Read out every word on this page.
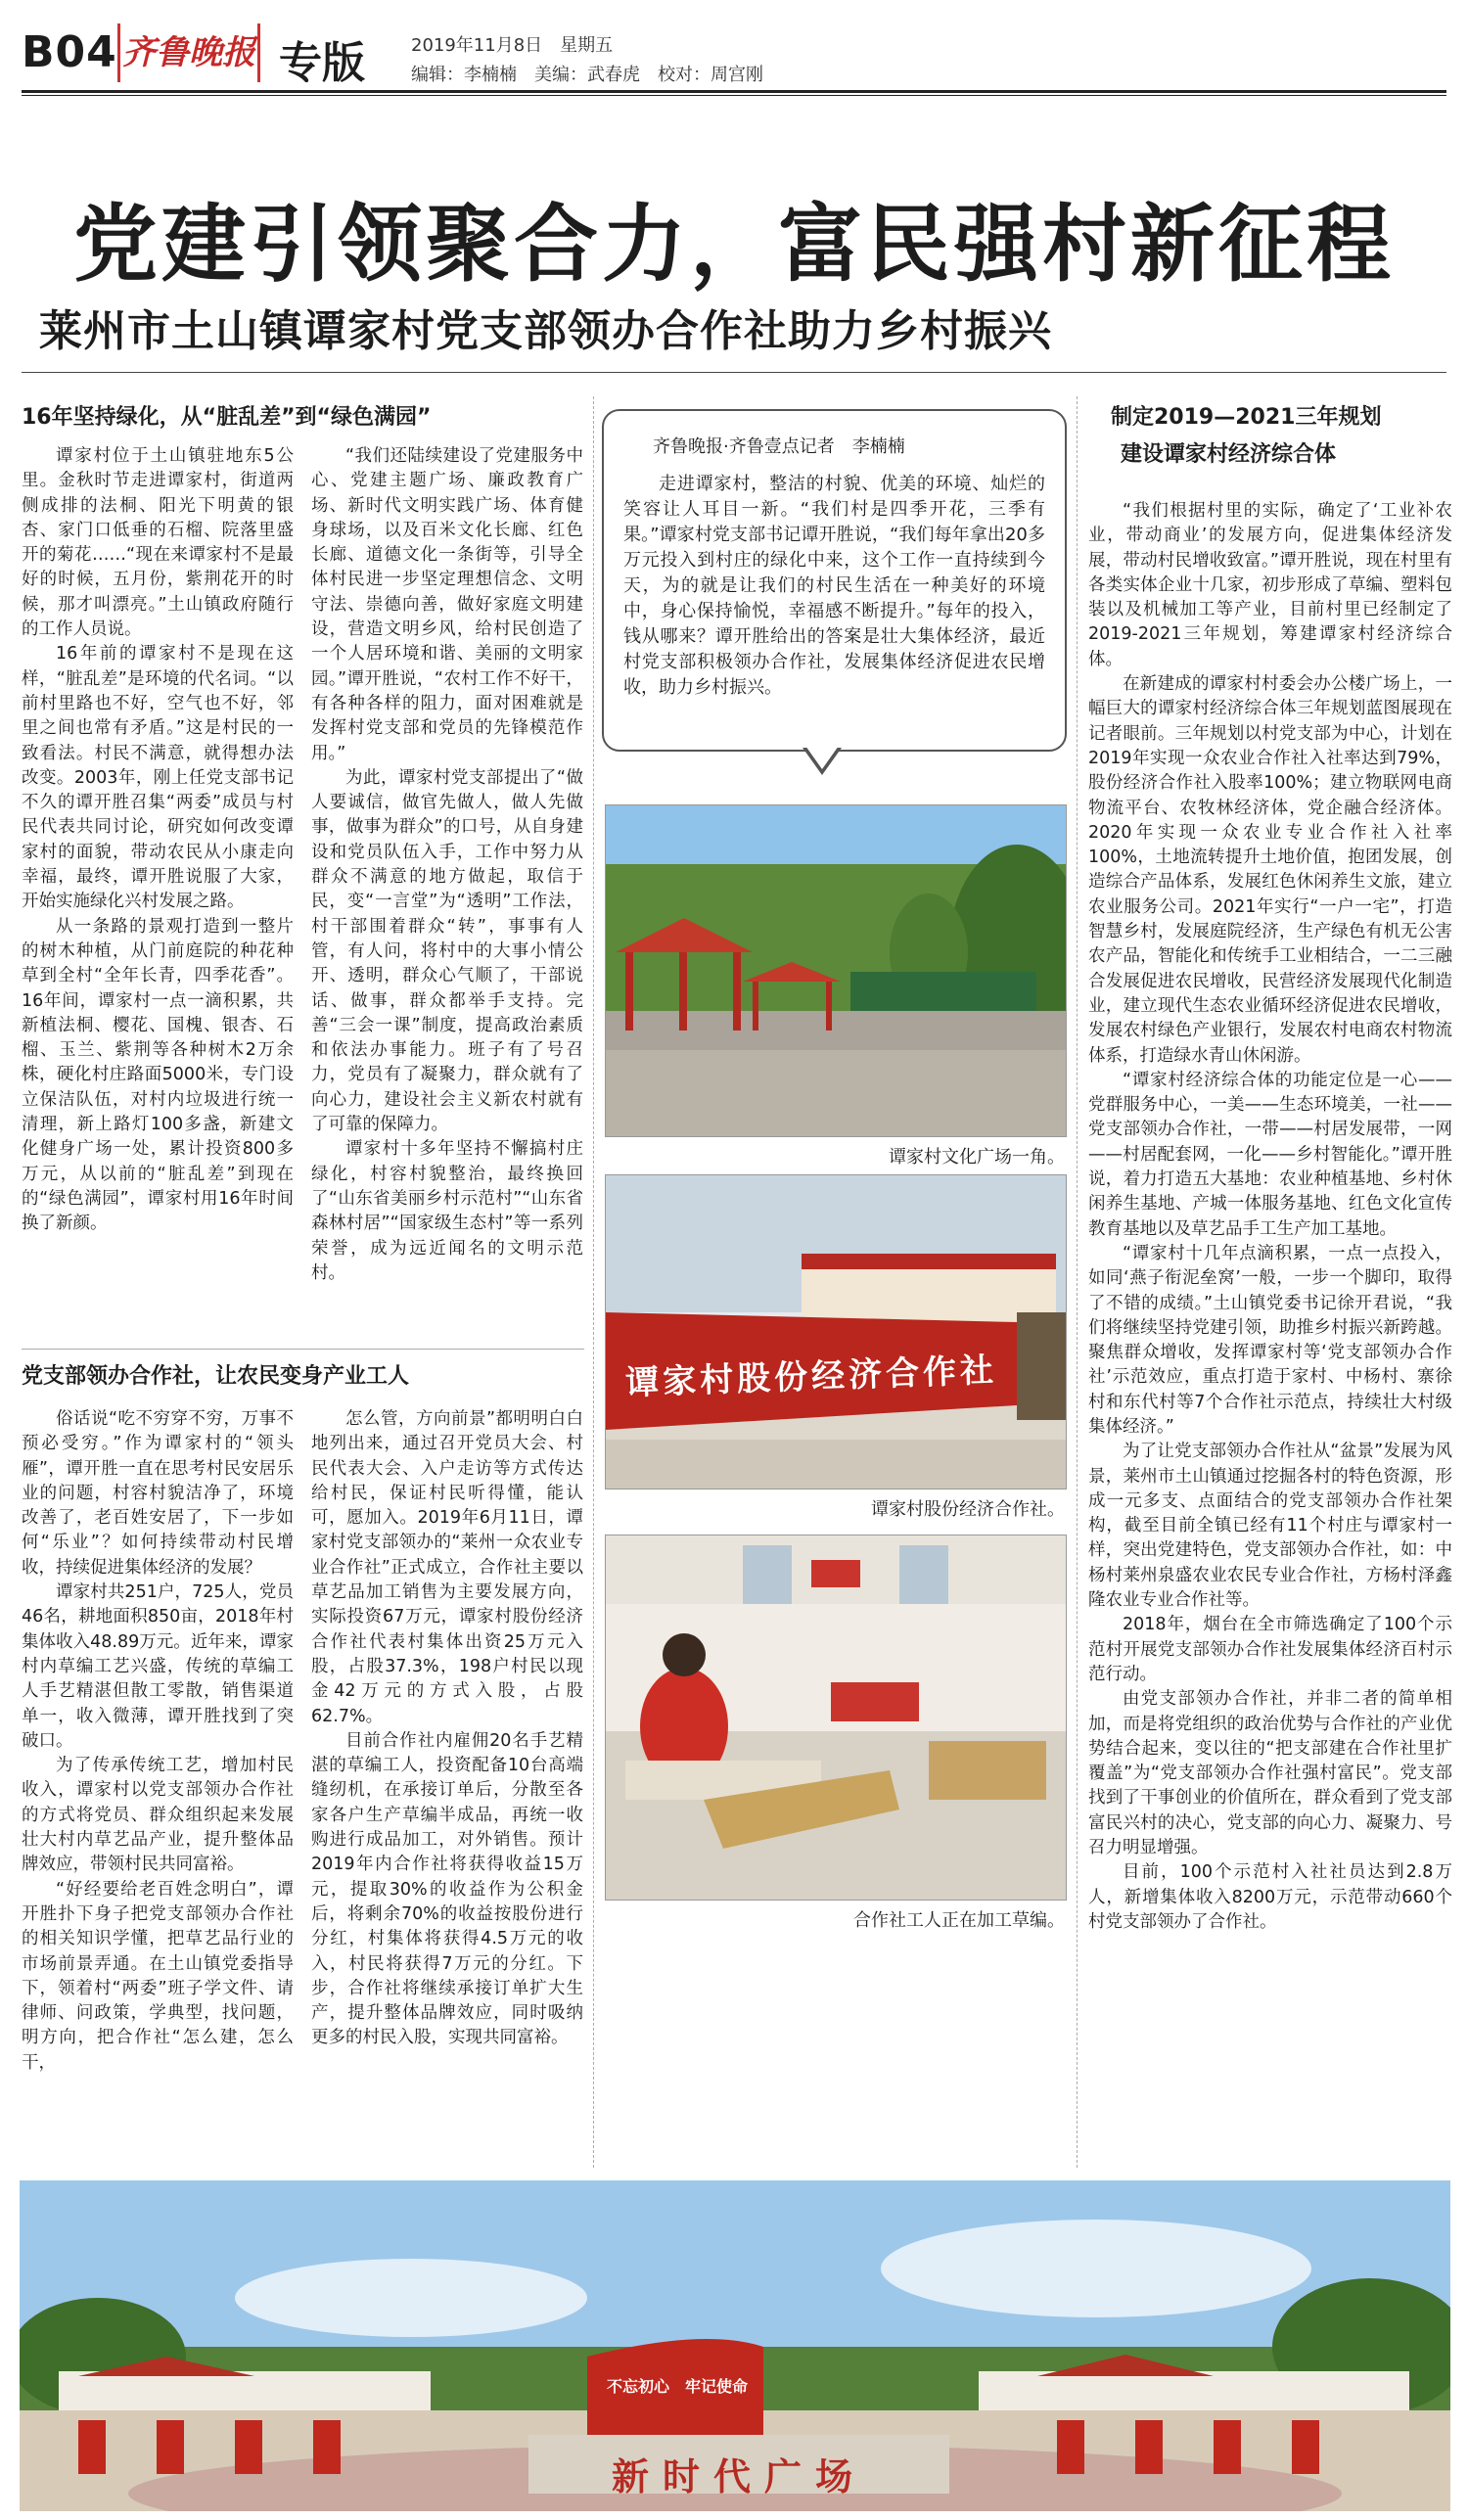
B04 齐鲁晚报 专版	2019年11月8日　星期五
编辑：李楠楠　美编：武春虎　校对：周宫刚
党建引领聚合力，富民强村新征程
莱州市土山镇谭家村党支部领办合作社助力乡村振兴
16年坚持绿化，从“脏乱差”到“绿色满园”

谭家村位于土山镇驻地东5公里。金秋时节走进谭家村，街道两侧成排的法桐、阳光下明黄的银杏、家门口低垂的石榴、院落里盛开的菊花……“现在来谭家村不是最好的时候，五月份，紫荆花开的时候，那才叫漂亮。”土山镇政府随行的工作人员说。

16年前的谭家村不是现在这样，“脏乱差”是环境的代名词。“以前村里路也不好，空气也不好，邻里之间也常有矛盾。”这是村民的一致看法。村民不满意，就得想办法改变。2003年，刚上任党支部书记不久的谭开胜召集“两委”成员与村民代表共同讨论，研究如何改变谭家村的面貌，带动农民从小康走向幸福，最终，谭开胜说服了大家，开始实施绿化兴村发展之路。

从一条路的景观打造到一整片的树木种植，从门前庭院的种花种草到全村“全年长青，四季花香”。16年间，谭家村一点一滴积累，共新植法桐、樱花、国槐、银杏、石榴、玉兰、紫荆等各种树木2万余株，硬化村庄路面5000米，专门设立保洁队伍，对村内垃圾进行统一清理，新上路灯100多盏，新建文化健身广场一处，累计投资800多万元，从以前的“脏乱差”到现在的“绿色满园”，谭家村用16年时间换了新颜。

“我们还陆续建设了党建服务中心、党建主题广场、廉政教育广场、新时代文明实践广场、体育健身球场，以及百米文化长廊、红色长廊、道德文化一条街等，引导全体村民进一步坚定理想信念、文明守法、崇德向善，做好家庭文明建设，营造文明乡风，给村民创造了一个人居环境和谐、美丽的文明家园。”谭开胜说，“农村工作不好干，有各种各样的阻力，面对困难就是发挥村党支部和党员的先锋模范作用。”

为此，谭家村党支部提出了“做人要诚信，做官先做人，做人先做事，做事为群众”的口号，从自身建设和党员队伍入手，工作中努力从群众不满意的地方做起，取信于民，变“一言堂”为“透明”工作法，村干部围着群众“转”，事事有人管，有人问，将村中的大事小情公开、透明，群众心气顺了，干部说话、做事，群众都举手支持。完善“三会一课”制度，提高政治素质和依法办事能力。班子有了号召力，党员有了凝聚力，群众就有了向心力，建设社会主义新农村就有了可靠的保障力。

谭家村十多年坚持不懈搞村庄绿化，村容村貌整治，最终换回了“山东省美丽乡村示范村”“山东省森林村居”“国家级生态村”等一系列荣誉，成为远近闻名的文明示范村。

齐鲁晚报·齐鲁壹点记者　李楠楠
走进谭家村，整洁的村貌、优美的环境、灿烂的笑容让人耳目一新。“我们村是四季开花，三季有果。”谭家村党支部书记谭开胜说，“我们每年拿出20多万元投入到村庄的绿化中来，这个工作一直持续到今天，为的就是让我们的村民生活在一种美好的环境中，身心保持愉悦，幸福感不断提升。”每年的投入，钱从哪来？谭开胜给出的答案是壮大集体经济，最近村党支部积极领办合作社，发展集体经济促进农民增收，助力乡村振兴。
谭家村文化广场一角。
谭家村股份经济合作社
谭家村股份经济合作社。
合作社工人正在加工草编。
党支部领办合作社，让农民变身产业工人

俗话说“吃不穷穿不穷，万事不预必受穷。”作为谭家村的“领头雁”，谭开胜一直在思考村民安居乐业的问题，村容村貌洁净了，环境改善了，老百姓安居了，下一步如何“乐业”？如何持续带动村民增收，持续促进集体经济的发展？

谭家村共251户，725人，党员46名，耕地面积850亩，2018年村集体收入48.89万元。近年来，谭家村内草编工艺兴盛，传统的草编工人手艺精湛但散工零散，销售渠道单一，收入微薄，谭开胜找到了突破口。

为了传承传统工艺，增加村民收入，谭家村以党支部领办合作社的方式将党员、群众组织起来发展壮大村内草艺品产业，提升整体品牌效应，带领村民共同富裕。

“好经要给老百姓念明白”，谭开胜扑下身子把党支部领办合作社的相关知识学懂，把草艺品行业的市场前景弄通。在土山镇党委指导下，领着村“两委”班子学文件、请律师、问政策，学典型，找问题，明方向，把合作社“怎么建，怎么干，

怎么管，方向前景”都明明白白地列出来，通过召开党员大会、村民代表大会、入户走访等方式传达给村民，保证村民听得懂，能认可，愿加入。2019年6月11日，谭家村党支部领办的“莱州一众农业专业合作社”正式成立，合作社主要以草艺品加工销售为主要发展方向，实际投资67万元，谭家村股份经济合作社代表村集体出资25万元入股，占股37.3%，198户村民以现金42万元的方式入股，占股62.7%。

目前合作社内雇佣20名手艺精湛的草编工人，投资配备10台高端缝纫机，在承接订单后，分散至各家各户生产草编半成品，再统一收购进行成品加工，对外销售。预计2019年内合作社将获得收益15万元，提取30%的收益作为公积金后，将剩余70%的收益按股份进行分红，村集体将获得4.5万元的收入，村民将获得7万元的分红。下步，合作社将继续承接订单扩大生产，提升整体品牌效应，同时吸纳更多的村民入股，实现共同富裕。

制定2019—2021三年规划
建设谭家村经济综合体

“我们根据村里的实际，确定了‘工业补农业，带动商业’的发展方向，促进集体经济发展，带动村民增收致富。”谭开胜说，现在村里有各类实体企业十几家，初步形成了草编、塑料包装以及机械加工等产业，目前村里已经制定了2019-2021三年规划，筹建谭家村经济综合体。

在新建成的谭家村村委会办公楼广场上，一幅巨大的谭家村经济综合体三年规划蓝图展现在记者眼前。三年规划以村党支部为中心，计划在2019年实现一众农业合作社入社率达到79%，股份经济合作社入股率100%；建立物联网电商物流平台、农牧林经济体，党企融合经济体。2020年实现一众农业专业合作社入社率100%，土地流转提升土地价值，抱团发展，创造综合产品体系，发展红色休闲养生文旅，建立农业服务公司。2021年实行“一户一宅”，打造智慧乡村，发展庭院经济，生产绿色有机无公害农产品，智能化和传统手工业相结合，一二三融合发展促进农民增收，民营经济发展现代化制造业，建立现代生态农业循环经济促进农民增收，发展农村绿色产业银行，发展农村电商农村物流体系，打造绿水青山休闲游。

“谭家村经济综合体的功能定位是一心——党群服务中心，一美——生态环境美，一社——党支部领办合作社，一带——村居发展带，一网——村居配套网，一化——乡村智能化。”谭开胜说，着力打造五大基地：农业种植基地、乡村休闲养生基地、产城一体服务基地、红色文化宣传教育基地以及草艺品手工生产加工基地。

“谭家村十几年点滴积累，一点一点投入，如同‘燕子衔泥垒窝’一般，一步一个脚印，取得了不错的成绩。”土山镇党委书记徐开君说，“我们将继续坚持党建引领，助推乡村振兴新跨越。聚焦群众增收，发挥谭家村等‘党支部领办合作社’示范效应，重点打造于家村、中杨村、寨徐村和东代村等7个合作社示范点，持续壮大村级集体经济。”

为了让党支部领办合作社从“盆景”发展为风景，莱州市土山镇通过挖掘各村的特色资源，形成一元多支、点面结合的党支部领办合作社架构，截至目前全镇已经有11个村庄与谭家村一样，突出党建特色，党支部领办合作社，如：中杨村莱州泉盛农业农民专业合作社，方杨村泽鑫隆农业专业合作社等。

2018年，烟台在全市筛选确定了100个示范村开展党支部领办合作社发展集体经济百村示范行动。

由党支部领办合作社，并非二者的简单相加，而是将党组织的政治优势与合作社的产业优势结合起来，变以往的“把支部建在合作社里扩覆盖”为“党支部领办合作社强村富民”。党支部找到了干事创业的价值所在，群众看到了党支部富民兴村的决心，党支部的向心力、凝聚力、号召力明显增强。

目前，100个示范村入社社员达到2.8万人，新增集体收入8200万元，示范带动660个村党支部领办了合作社。

不忘初心　牢记使命
新时代广场
